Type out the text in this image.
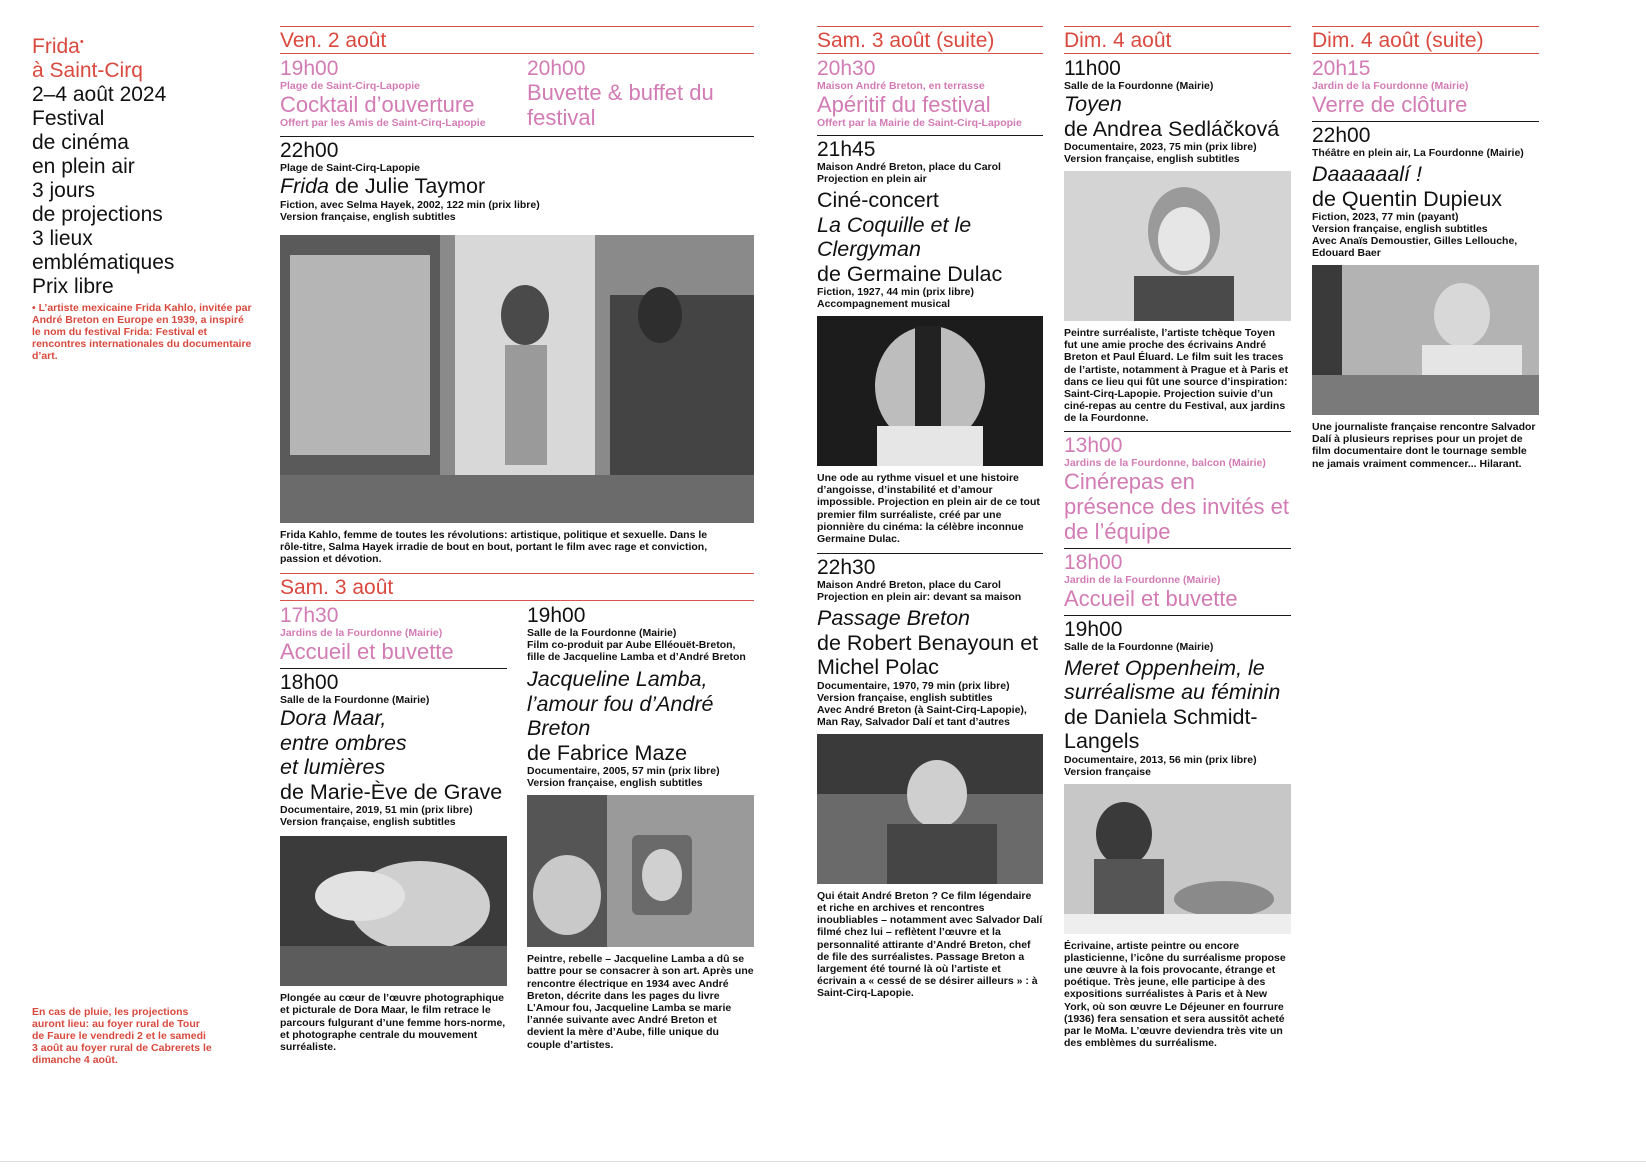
Frida•

à Saint-Cirq

2–4 août 2024

Festival

de cinéma

en plein air

3 jours

de projections

3 lieux

emblématiques

Prix libre

• L’artiste mexicaine Frida Kahlo, invitée par André Breton en Europe en 1939, a inspiré le nom du festival Frida: Festival et rencontres internationales du documentaire d’art.

En cas de pluie, les projections auront lieu: au foyer rural de Tour de Faure le vendredi 2 et le samedi 3 août au foyer rural de Cabrerets le dimanche 4 août.

Ven. 2 août

19h00

Plage de Saint-Cirq-Lapopie

Cocktail d’ouverture

Offert par les Amis de Saint-Cirq-Lapopie

20h00

Buvette & buffet du festival

22h00

Plage de Saint-Cirq-Lapopie

Frida de Julie Taymor

Fiction, avec Selma Hayek, 2002, 122 min (prix libre)

Version française, english subtitles

Frida Kahlo, femme de toutes les révolutions: artistique, politique et sexuelle. Dans le rôle-titre, Salma Hayek irradie de bout en bout, portant le film avec rage et conviction, passion et dévotion.

Sam. 3 août

17h30

Jardins de la Fourdonne (Mairie)

Accueil et buvette

18h00

Salle de la Fourdonne (Mairie)

Dora Maar, entre ombres et lumières
de Marie-Ève de Grave

Documentaire, 2019, 51 min (prix libre)

Version française, english subtitles

Plongée au cœur de l’œuvre photographique et picturale de Dora Maar, le film retrace le parcours fulgurant d’une femme hors-norme, et photographe centrale du mouvement surréaliste.

19h00

Salle de la Fourdonne (Mairie)

Film co-produit par Aube Elléouët-Breton, fille de Jacqueline Lamba et d’André Breton

Jacqueline Lamba, l’amour fou d’André Breton
de Fabrice Maze

Documentaire, 2005, 57 min (prix libre)

Version française, english subtitles

Peintre, rebelle – Jacqueline Lamba a dû se battre pour se consacrer à son art. Après une rencontre électrique en 1934 avec André Breton, décrite dans les pages du livre L’Amour fou, Jacqueline Lamba se marie l’année suivante avec André Breton et devient la mère d’Aube, fille unique du couple d’artistes.

Sam. 3 août (suite)

20h30

Maison André Breton, en terrasse

Apéritif du festival

Offert par la Mairie de Saint-Cirq-Lapopie

21h45

Maison André Breton, place du Carol

Projection en plein air

Ciné-concert

La Coquille et le Clergyman
de Germaine Dulac

Fiction, 1927, 44 min (prix libre)

Accompagnement musical

Une ode au rythme visuel et une histoire d’angoisse, d’instabilité et d’amour impossible. Projection en plein air de ce tout premier film surréaliste, créé par une pionnière du cinéma: la célèbre inconnue Germaine Dulac.

22h30

Maison André Breton, place du Carol

Projection en plein air: devant sa maison

Passage Breton
de Robert Benayoun et Michel Polac

Documentaire, 1970, 79 min (prix libre)

Version française, english subtitles

Avec André Breton (à Saint-Cirq-Lapopie), Man Ray, Salvador Dalí et tant d’autres

Qui était André Breton ? Ce film légendaire et riche en archives et rencontres inoubliables – notamment avec Salvador Dalí filmé chez lui – reflètent l’œuvre et la personnalité attirante d’André Breton, chef de file des surréalistes. Passage Breton a largement été tourné là où l’artiste et écrivain a « cessé de se désirer ailleurs » : à Saint-Cirq-Lapopie.

Dim. 4 août

11h00

Salle de la Fourdonne (Mairie)

Toyen
de Andrea Sedláčková

Documentaire, 2023, 75 min (prix libre)

Version française, english subtitles

Peintre surréaliste, l’artiste tchèque Toyen fut une amie proche des écrivains André Breton et Paul Éluard. Le film suit les traces de l’artiste, notamment à Prague et à Paris et dans ce lieu qui fût une source d’inspiration: Saint-Cirq-Lapopie. Projection suivie d’un ciné-repas au centre du Festival, aux jardins de la Fourdonne.

13h00

Jardins de la Fourdonne, balcon (Mairie)

Cinérepas en présence des invités et de l’équipe

18h00

Jardin de la Fourdonne (Mairie)

Accueil et buvette

19h00

Salle de la Fourdonne (Mairie)

Meret Oppenheim, le surréalisme au féminin de Daniela Schmidt-Langels

Documentaire, 2013, 56 min (prix libre)

Version française

Écrivaine, artiste peintre ou encore plasticienne, l’icône du surréalisme propose une œuvre à la fois provocante, étrange et poétique. Très jeune, elle participe à des expositions surréalistes à Paris et à New York, où son œuvre Le Déjeuner en fourrure (1936) fera sensation et sera aussitôt acheté par le MoMa. L’œuvre deviendra très vite un des emblèmes du surréalisme.

Dim. 4 août (suite)

20h15

Jardin de la Fourdonne (Mairie)

Verre de clôture

22h00

Théâtre en plein air, La Fourdonne (Mairie)

Daaaaaalí !
de Quentin Dupieux

Fiction, 2023, 77 min (payant)

Version française, english subtitles

Avec Anaïs Demoustier, Gilles Lellouche, Edouard Baer

Une journaliste française rencontre Salvador Dalí à plusieurs reprises pour un projet de film documentaire dont le tournage semble ne jamais vraiment commencer... Hilarant.
